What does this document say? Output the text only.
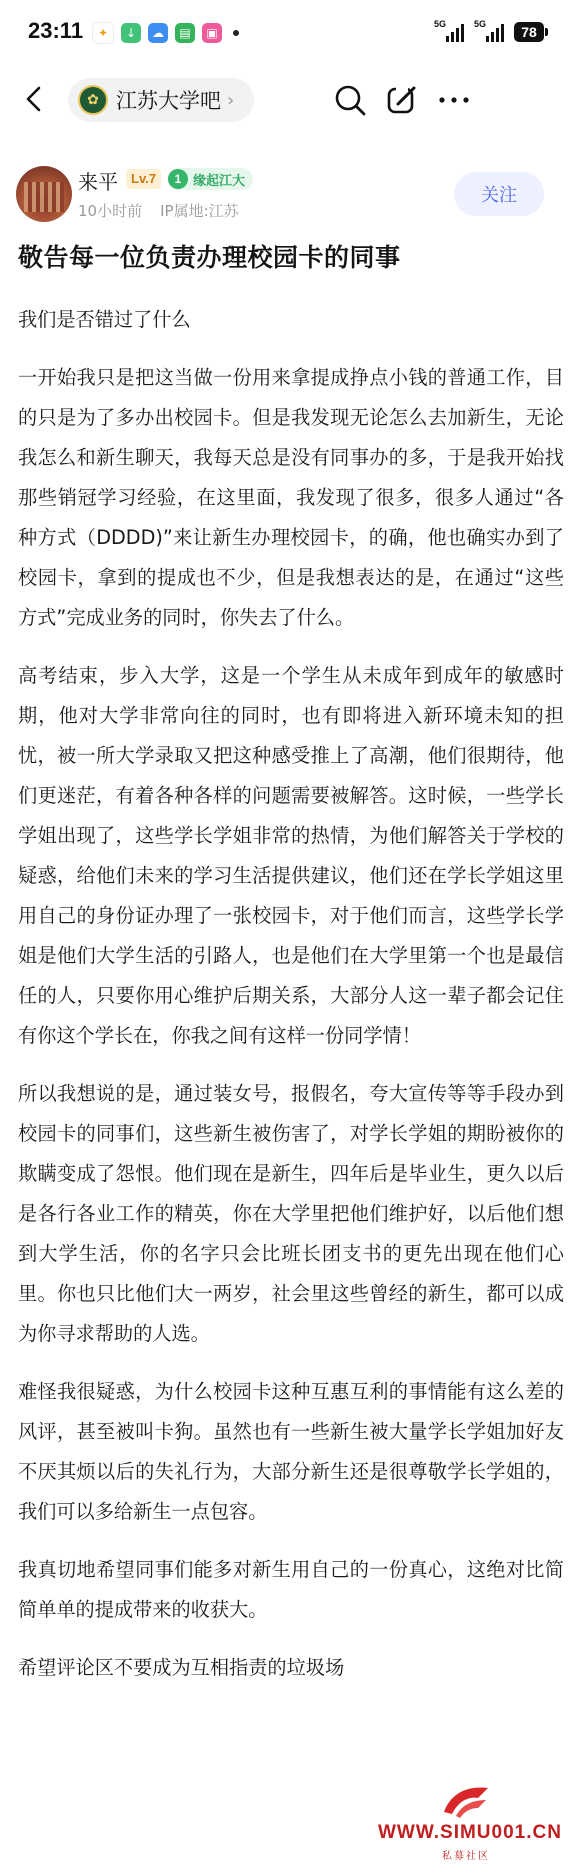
23:11	✦	↓	☁	▤	▣
5G	5G	78
✿ 江苏大学吧 ›
来平	Lv.7	1 缘起江大
10小时前 IP属地:江苏
关注
敬告每一位负责办理校园卡的同事

我们是否错过了什么

一开始我只是把这当做一份用来拿提成挣点小钱的普通工作，目的只是为了多办出校园卡。但是我发现无论怎么去加新生，无论我怎么和新生聊天，我每天总是没有同事办的多，于是我开始找那些销冠学习经验，在这里面，我发现了很多，很多人通过“各种方式（DDDD)”来让新生办理校园卡，的确，他也确实办到了校园卡，拿到的提成也不少，但是我想表达的是，在通过“这些方式”完成业务的同时，你失去了什么。

高考结束，步入大学，这是一个学生从未成年到成年的敏感时期，他对大学非常向往的同时，也有即将进入新环境未知的担忧，被一所大学录取又把这种感受推上了高潮，他们很期待，他们更迷茫，有着各种各样的问题需要被解答。这时候，一些学长学姐出现了，这些学长学姐非常的热情，为他们解答关于学校的疑惑，给他们未来的学习生活提供建议，他们还在学长学姐这里用自己的身份证办理了一张校园卡，对于他们而言，这些学长学姐是他们大学生活的引路人，也是他们在大学里第一个也是最信任的人，只要你用心维护后期关系，大部分人这一辈子都会记住有你这个学长在，你我之间有这样一份同学情！

所以我想说的是，通过装女号，报假名，夸大宣传等等手段办到校园卡的同事们，这些新生被伤害了，对学长学姐的期盼被你的欺瞒变成了怨恨。他们现在是新生，四年后是毕业生，更久以后是各行各业工作的精英，你在大学里把他们维护好，以后他们想到大学生活，你的名字只会比班长团支书的更先出现在他们心里。你也只比他们大一两岁，社会里这些曾经的新生，都可以成为你寻求帮助的人选。

难怪我很疑惑，为什么校园卡这种互惠互利的事情能有这么差的风评，甚至被叫卡狗。虽然也有一些新生被大量学长学姐加好友不厌其烦以后的失礼行为，大部分新生还是很尊敬学长学姐的，我们可以多给新生一点包容。

我真切地希望同事们能多对新生用自己的一份真心，这绝对比简简单单的提成带来的收获大。

希望评论区不要成为互相指责的垃圾场

WWW.SIMU001.CN
私募社区
